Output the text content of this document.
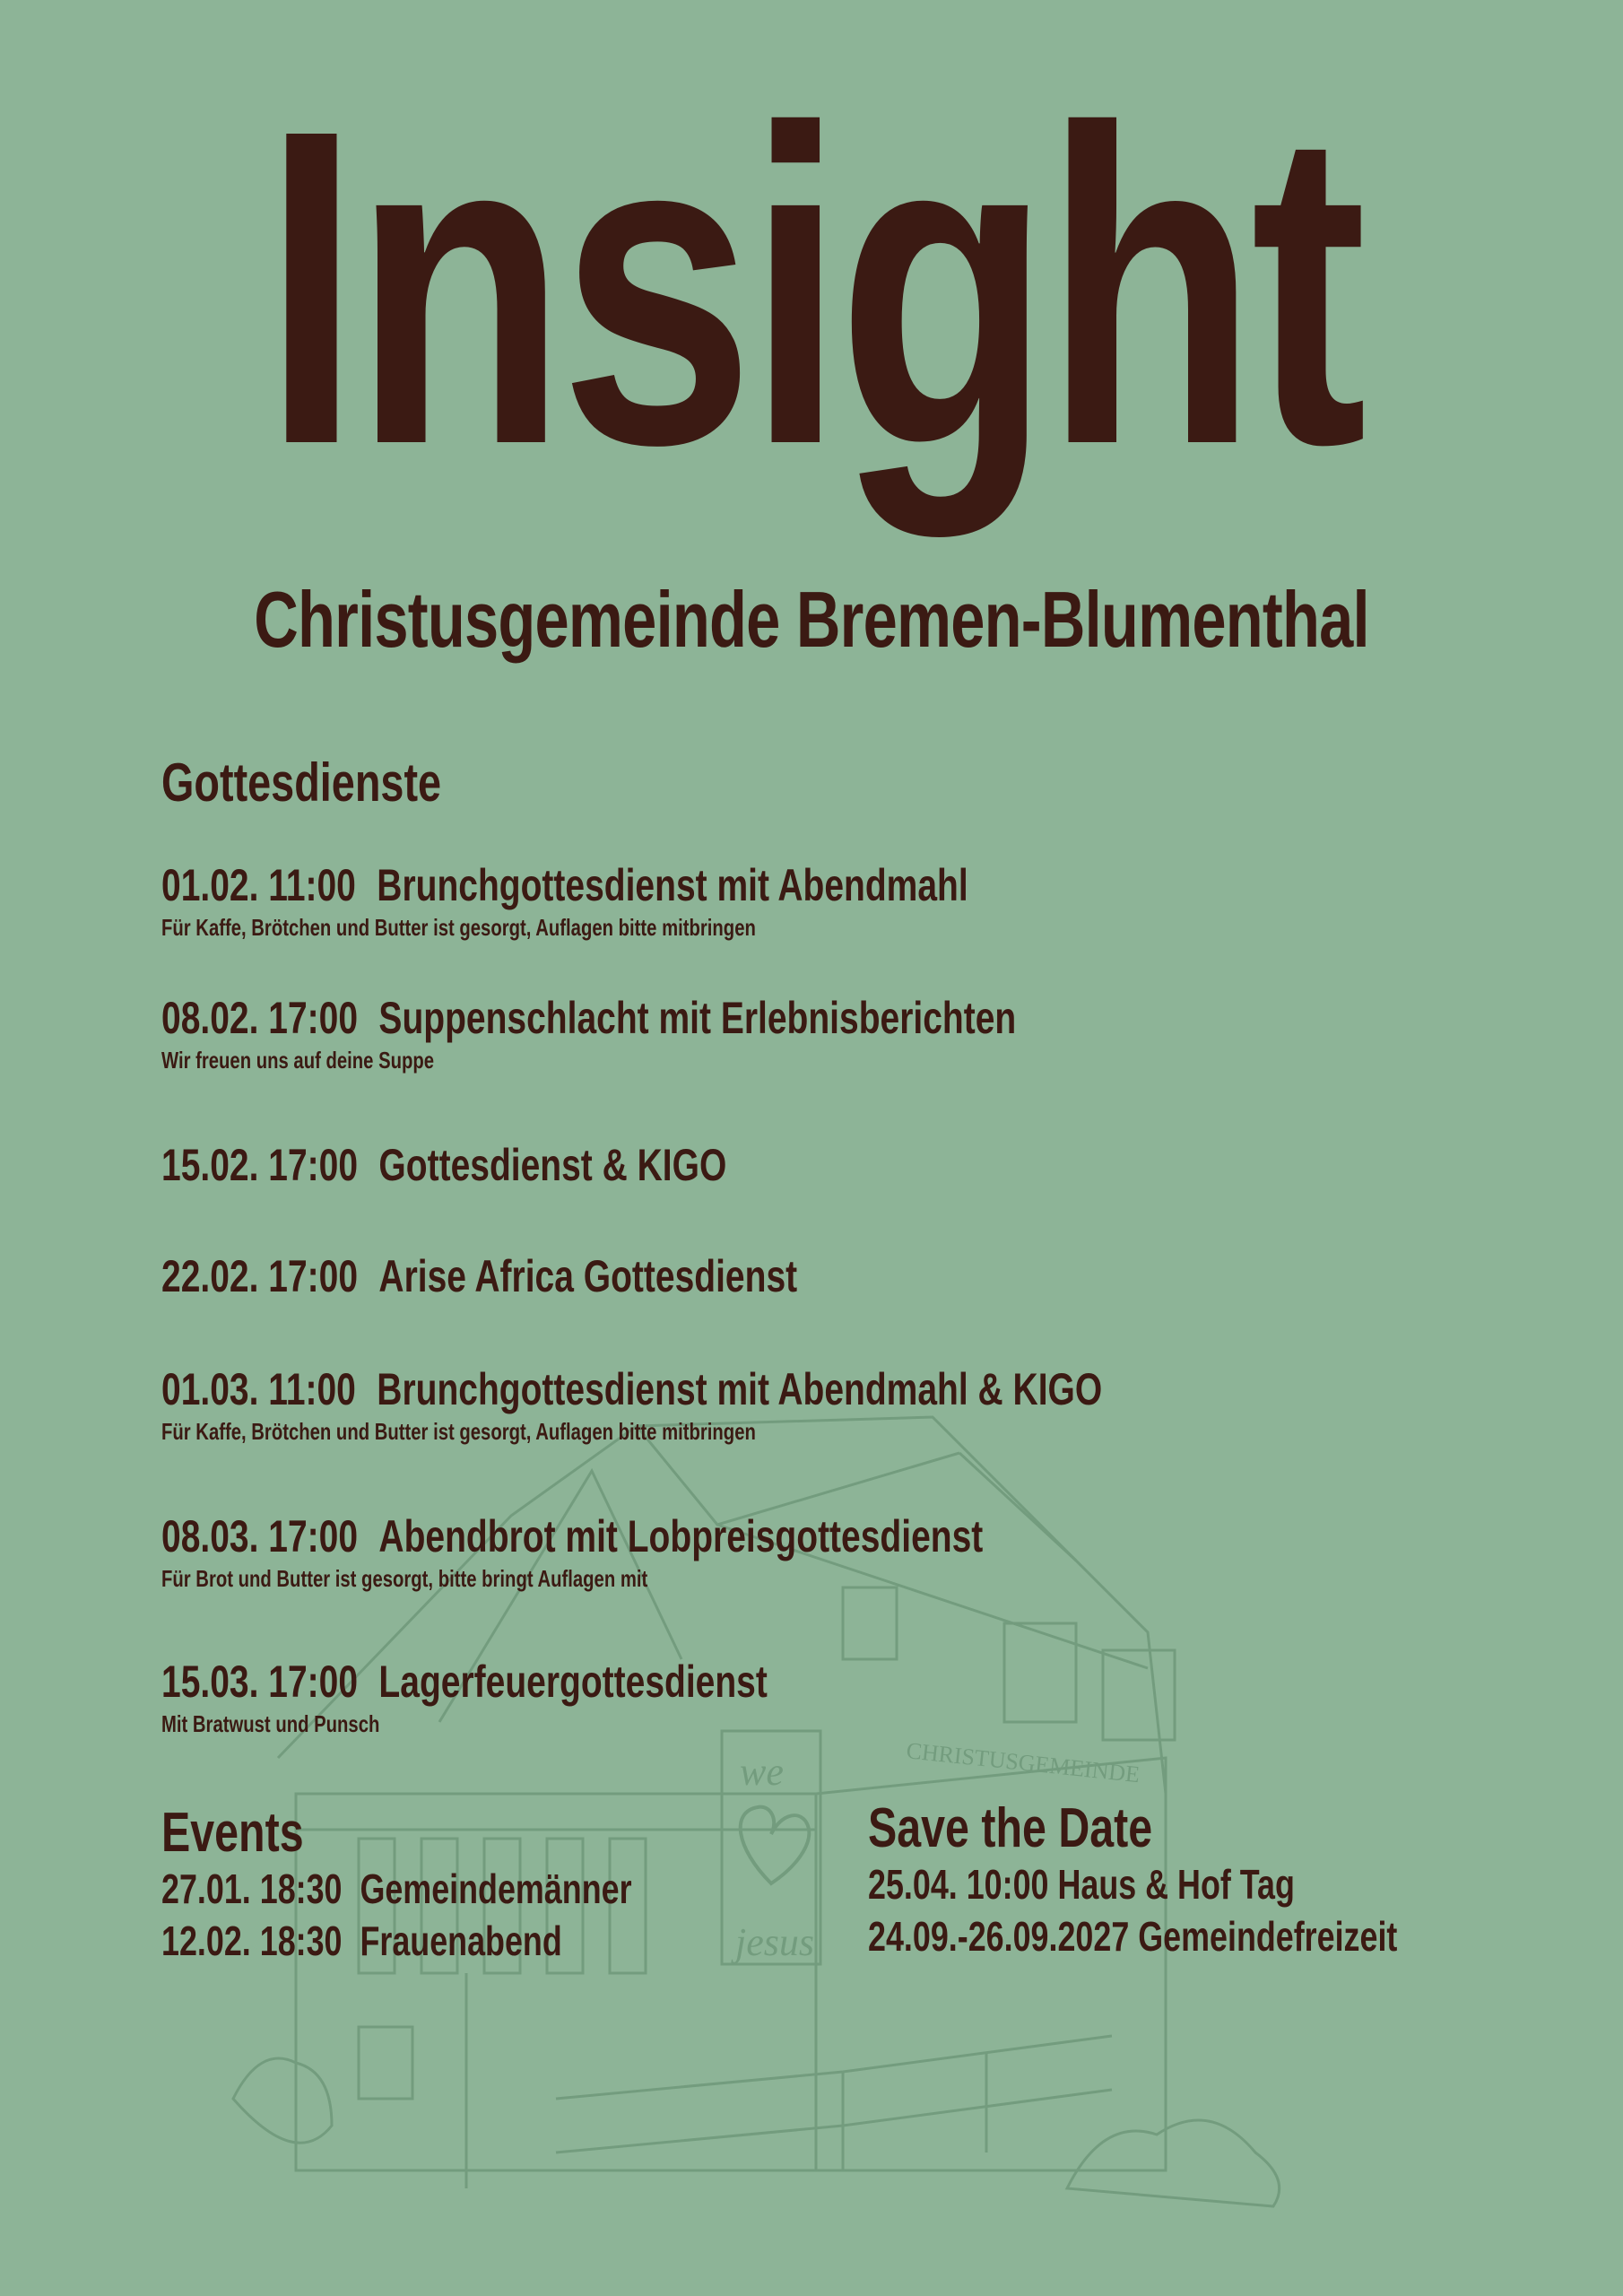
CHRISTUSGEMEINDE
we
jesus
Insight
Christusgemeinde Bremen-Blumenthal
Gottesdienste
01.02. 11:00 Brunchgottesdienst mit Abendmahl
Für Kaffe, Brötchen und Butter ist gesorgt, Auflagen bitte mitbringen
08.02. 17:00 Suppenschlacht mit Erlebnisberichten
Wir freuen uns auf deine Suppe
15.02. 17:00 Gottesdienst & KIGO
22.02. 17:00 Arise Africa Gottesdienst
01.03. 11:00 Brunchgottesdienst mit Abendmahl & KIGO
Für Kaffe, Brötchen und Butter ist gesorgt, Auflagen bitte mitbringen
08.03. 17:00 Abendbrot mit Lobpreisgottesdienst
Für Brot und Butter ist gesorgt, bitte bringt Auflagen mit
15.03. 17:00 Lagerfeuergottesdienst
Mit Bratwust und Punsch
Events
27.01. 18:30 Gemeindemänner
12.02. 18:30 Frauenabend
Save the Date
25.04. 10:00 Haus & Hof Tag
24.09.-26.09.2027 Gemeindefreizeit
